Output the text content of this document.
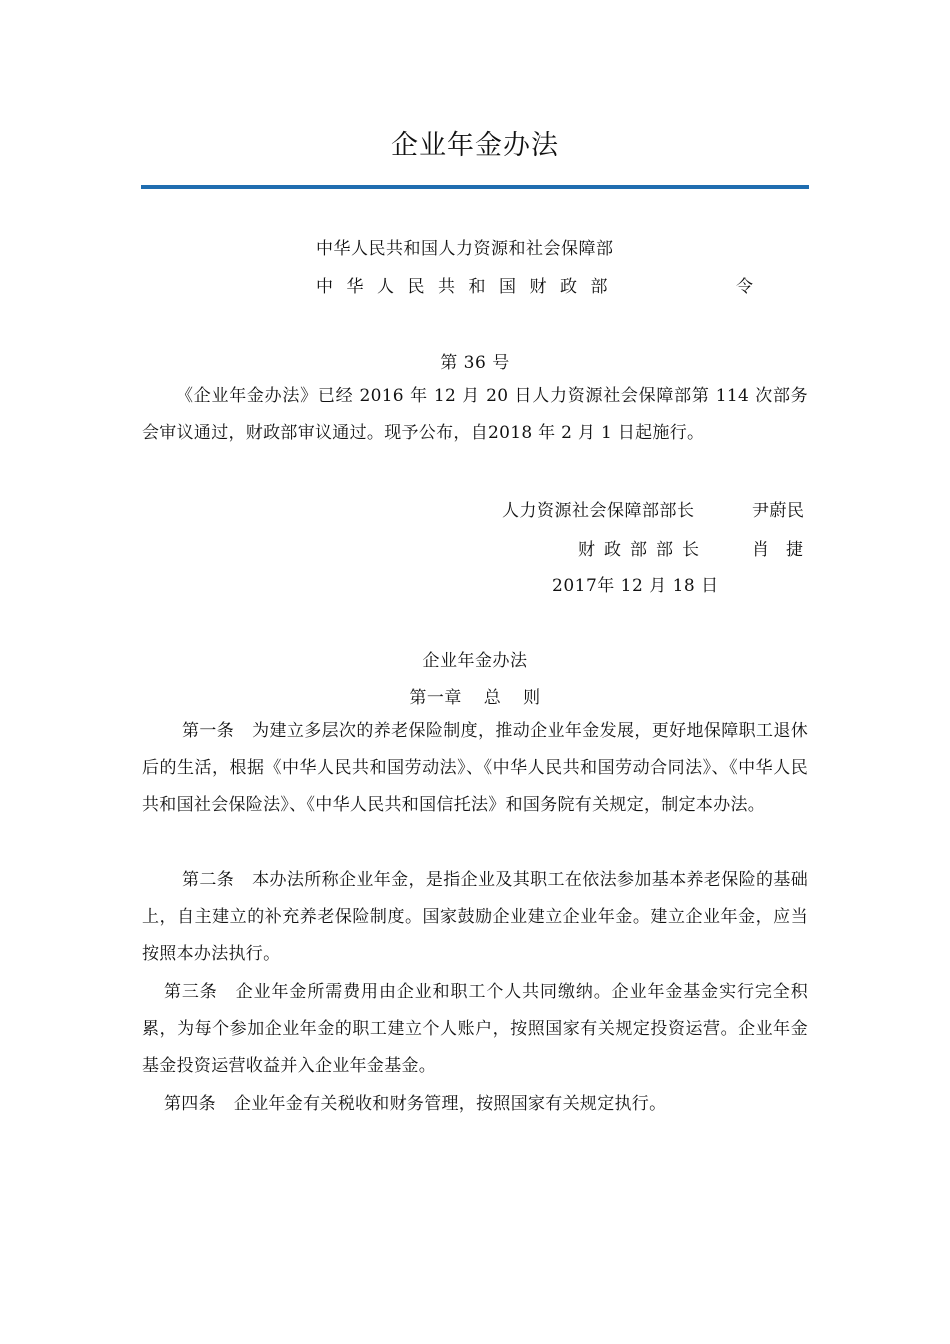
企业年金办法
中华人民共和国人力资源和社会保障部
中华人民共和国财政部	令
第 36 号
《企业年金办法》已经 2016 年 12 月 20 日人力资源社会保障部第 114 次部务会审议通过，财政部审议通过。现予公布，自2018 年 2 月 1 日起施行。
人力资源社会保障部部长	尹蔚民
财政部部长	肖捷
2017年 12 月 18 日
企业年金办法
第一章 总 则
第一条 为建立多层次的养老保险制度，推动企业年金发展，更好地保障职工退休后的生活，根据《中华人民共和国劳动法》、《中华人民共和国劳动合同法》、《中华人民共和国社会保险法》、《中华人民共和国信托法》和国务院有关规定，制定本办法。
第二条 本办法所称企业年金，是指企业及其职工在依法参加基本养老保险的基础上，自主建立的补充养老保险制度。国家鼓励企业建立企业年金。建立企业年金，应当按照本办法执行。
第三条 企业年金所需费用由企业和职工个人共同缴纳。企业年金基金实行完全积累，为每个参加企业年金的职工建立个人账户，按照国家有关规定投资运营。企业年金基金投资运营收益并入企业年金基金。
第四条 企业年金有关税收和财务管理，按照国家有关规定执行。
